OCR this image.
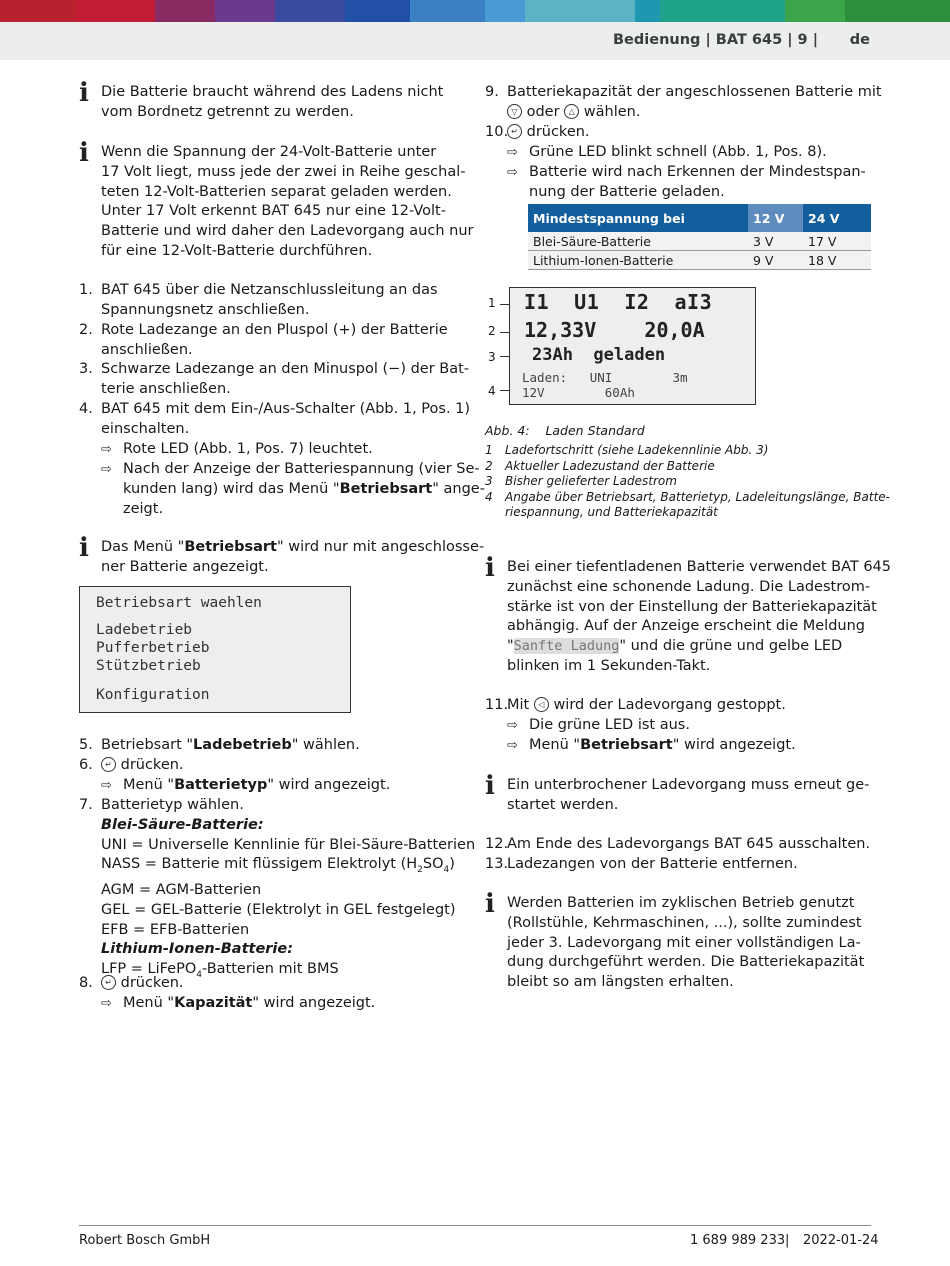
Bedienung | BAT 645 | 9 | de
ℹ Die Batterie braucht während des Ladens nicht
vom Bordnetz getrennt zu werden.
ℹ Wenn die Spannung der 24-Volt-Batterie unter
17 Volt liegt, muss jede der zwei in Reihe geschal-
teten 12-Volt-Batterien separat geladen werden.
Unter 17 Volt erkennt BAT 645 nur eine 12-Volt-
Batterie und wird daher den Ladevorgang auch nur
für eine 12-Volt-Batterie durchführen.
1. BAT 645 über die Netzanschlussleitung an das
Spannungsnetz anschließen.
2. Rote Ladezange an den Pluspol (+) der Batterie
anschließen.
3. Schwarze Ladezange an den Minuspol (−) der Bat-
terie anschließen.
4. BAT 645 mit dem Ein-/Aus-Schalter (Abb. 1, Pos. 1)
einschalten.
⇨ Rote LED (Abb. 1, Pos. 7) leuchtet.
⇨ Nach der Anzeige der Batteriespannung (vier Se-
kunden lang) wird das Menü "Betriebsart" ange-
zeigt.
ℹ Das Menü "Betriebsart" wird nur mit angeschlosse-
ner Batterie angezeigt.
Betriebsart waehlen
Ladebetrieb
Pufferbetrieb
Stützbetrieb
Konfiguration
5. Betriebsart "Ladebetrieb" wählen.
6.	↵ drücken.
⇨ Menü "Batterietyp" wird angezeigt.
7. Batterietyp wählen.
Blei-Säure-Batterie:
UNI = Universelle Kennlinie für Blei-Säure-Batterien
NASS = Batterie mit flüssigem Elektrolyt $(H_2SO_4)$
AGM = AGM-Batterien
GEL = GEL-Batterie (Elektrolyt in GEL festgelegt)
EFB = EFB-Batterien
Lithium-Ionen-Batterie:
LFP = LiFePO$_4$-Batterien mit BMS
8.	↵ drücken.
⇨ Menü "Kapazität" wird angezeigt.
9. Batteriekapazität der angeschlossenen Batterie mit
▽ oder △ wählen.
10. ↵ drücken.
⇨ Grüne LED blinkt schnell (Abb. 1, Pos. 8).
⇨ Batterie wird nach Erkennen der Mindestspan-
nung der Batterie geladen.
Mindestspannung bei	12 V	24 V
Blei-Säure-Batterie	3 V	17 V
Lithium-Ionen-Batterie	9 V	18 V
1
2
3
4
I1  U1  I2  aI3
12,33V    20,0A
23Ah  geladen
Laden:   UNI        3m
12V        60Ah
Abb. 4: Laden Standard
1 Ladefortschritt (siehe Ladekennlinie Abb. 3)
2 Aktueller Ladezustand der Batterie
3 Bisher gelieferter Ladestrom
4 Angabe über Betriebsart, Batterietyp, Ladeleitungslänge, Batte-
riespannung, und Batteriekapazität
ℹ Bei einer tiefentladenen Batterie verwendet BAT 645
zunächst eine schonende Ladung. Die Ladestrom-
stärke ist von der Einstellung der Batteriekapazität
abhängig. Auf der Anzeige erscheint die Meldung
"Sanfte Ladung" und die grüne und gelbe LED
blinken im 1 Sekunden-Takt.
11.
Mit ◁ wird der Ladevorgang gestoppt.
⇨ Die grüne LED ist aus.
⇨ Menü "Betriebsart" wird angezeigt.
ℹ Ein unterbrochener Ladevorgang muss erneut ge-
startet werden.
12.
Am Ende des Ladevorgangs BAT 645 ausschalten.
13.
Ladezangen von der Batterie entfernen.
ℹ Werden Batterien im zyklischen Betrieb genutzt
(Rollstühle, Kehrmaschinen, ...), sollte zumindest
jeder 3. Ladevorgang mit einer vollständigen La-
dung durchgeführt werden. Die Batteriekapazität
bleibt so am längsten erhalten.
Robert Bosch GmbH	1 689 989 233 | 2022-01-24
